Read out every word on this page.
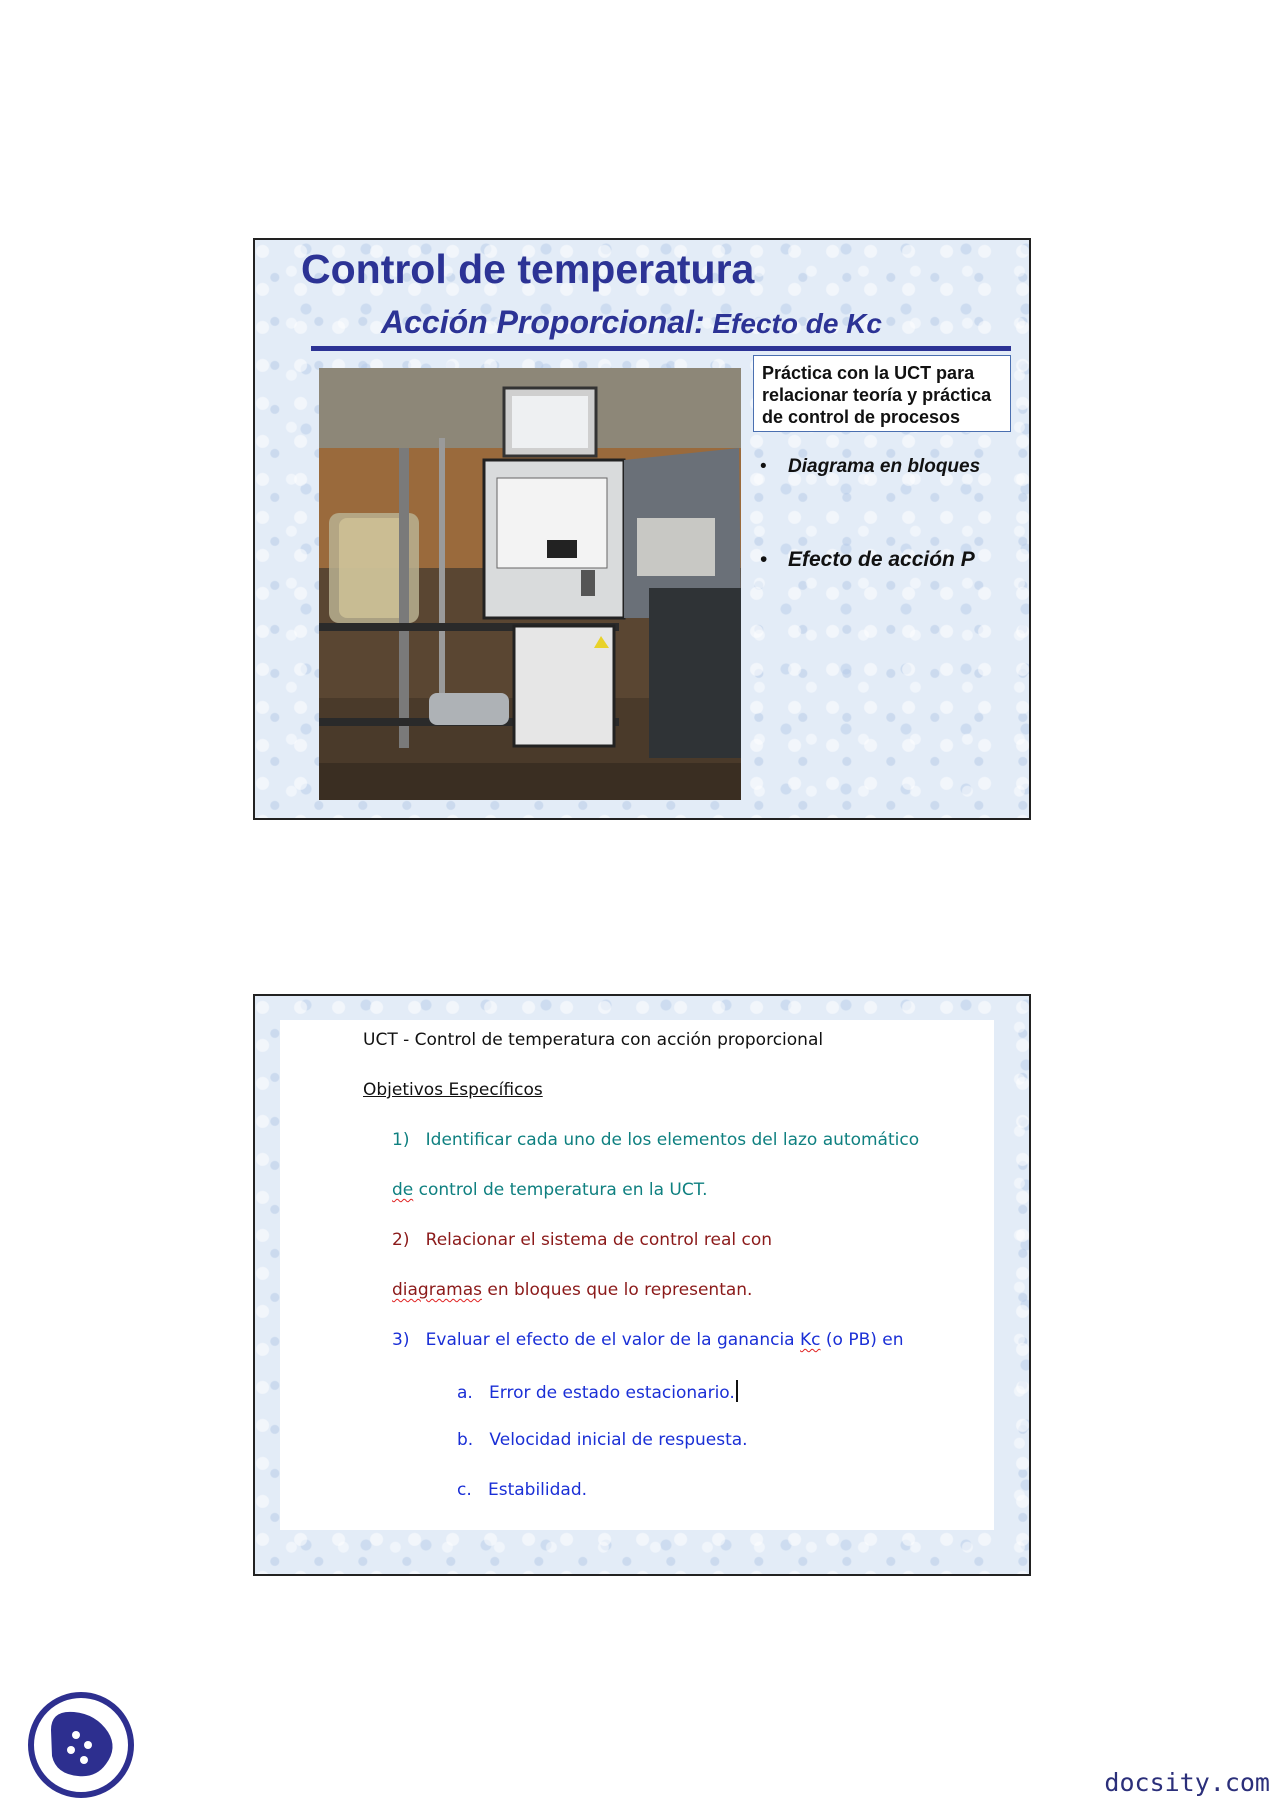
Control de temperatura
Acción Proporcional: Efecto de Kc
Práctica con la UCT para
relacionar teoría y práctica
de control de procesos
• Diagrama en bloques
• Efecto de acción P
UCT - Control de temperatura con acción proporcional
Objetivos Específicos
1) Identificar cada uno de los elementos del lazo automático
de control de temperatura en la UCT.
2) Relacionar el sistema de control real con
diagramas en bloques que lo representan.
3) Evaluar el efecto de el valor de la ganancia Kc (o PB) en
a. Error de estado estacionario.
b. Velocidad inicial de respuesta.
c. Estabilidad.
docsity.com
